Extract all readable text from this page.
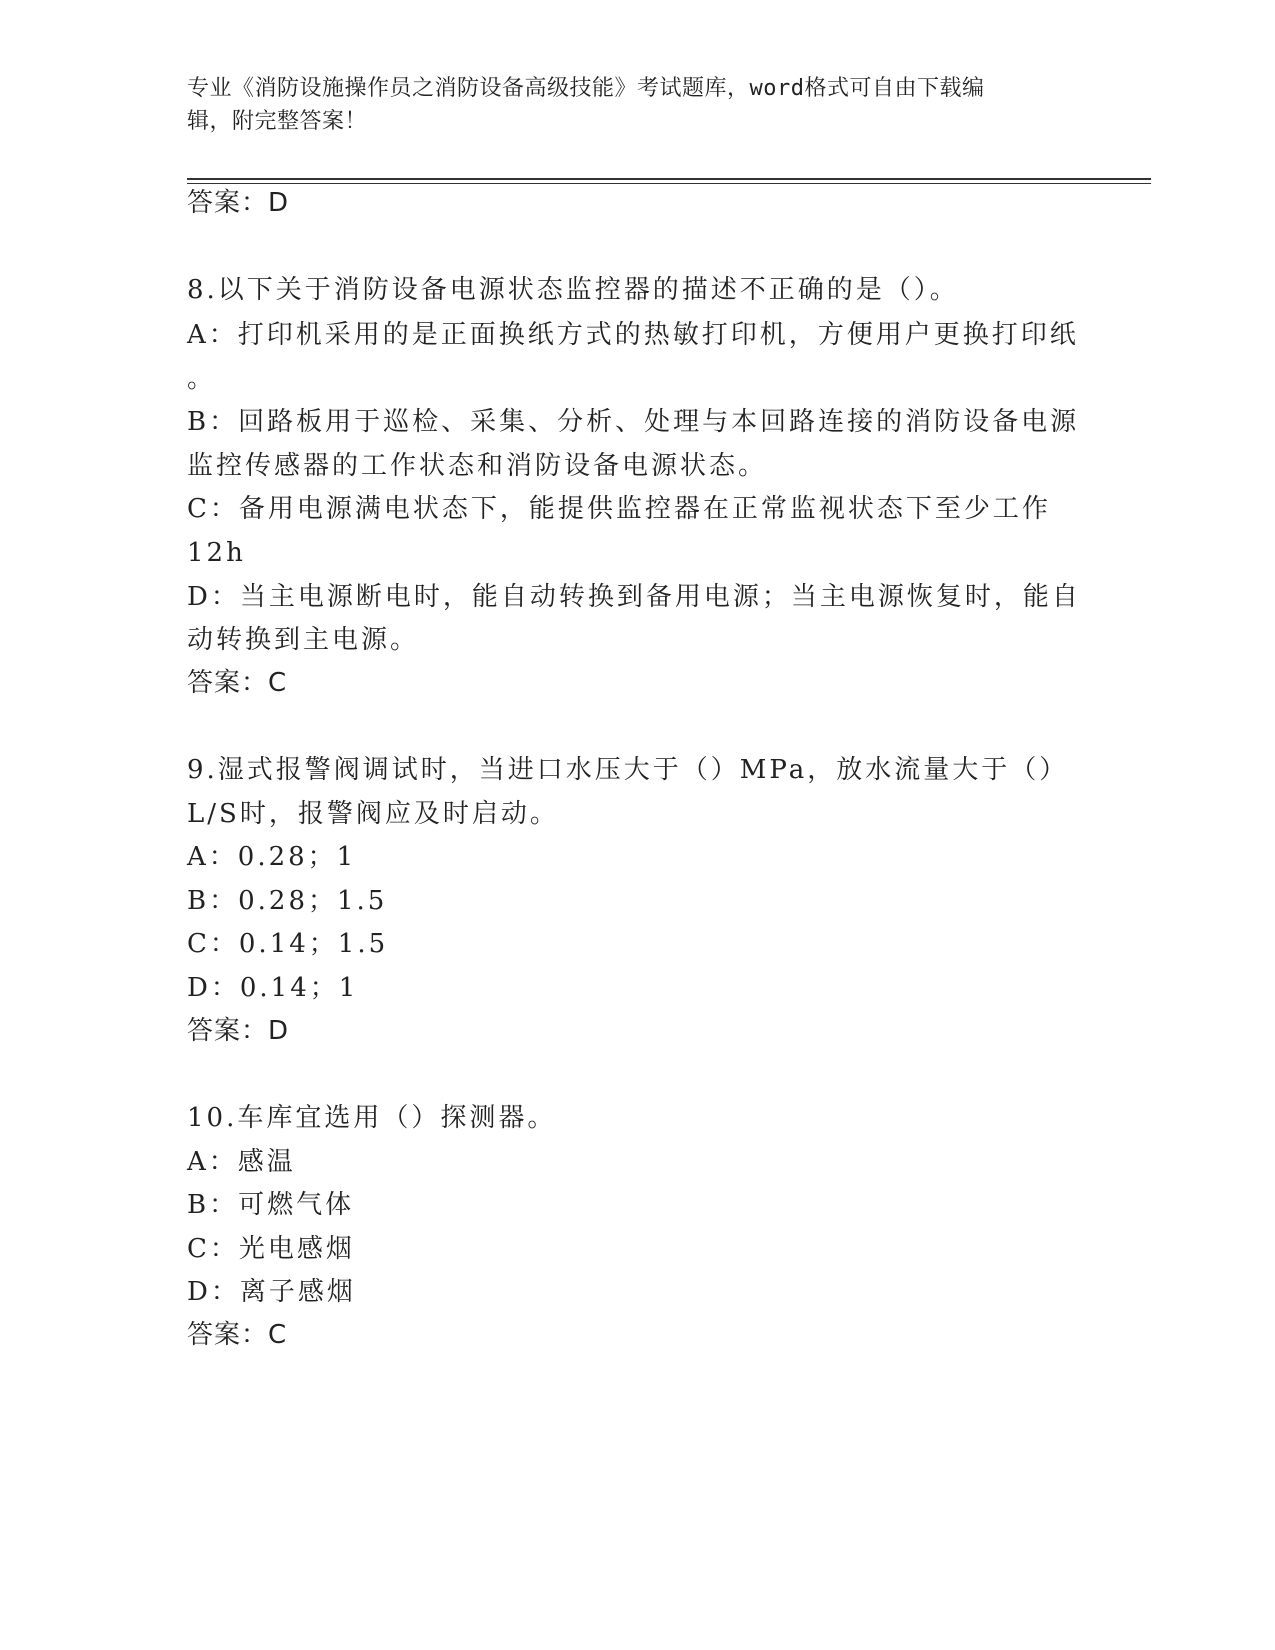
专业《消防设施操作员之消防设备高级技能》考试题库，word格式可自由下载编
辑，附完整答案！
答案：D
8.以下关于消防设备电源状态监控器的描述不正确的是（）。
A：打印机采用的是正面换纸方式的热敏打印机，方便用户更换打印纸
。
B：回路板用于巡检、采集、分析、处理与本回路连接的消防设备电源
监控传感器的工作状态和消防设备电源状态。
C：备用电源满电状态下，能提供监控器在正常监视状态下至少工作
12h
D：当主电源断电时，能自动转换到备用电源；当主电源恢复时，能自
动转换到主电源。
答案：C
9.湿式报警阀调试时，当进口水压大于（）MPa，放水流量大于（）
L/S时，报警阀应及时启动。
A：0.28；1
B：0.28；1.5
C：0.14；1.5
D：0.14；1
答案：D
10.车库宜选用（）探测器。
A：感温
B：可燃气体
C：光电感烟
D：离子感烟
答案：C
